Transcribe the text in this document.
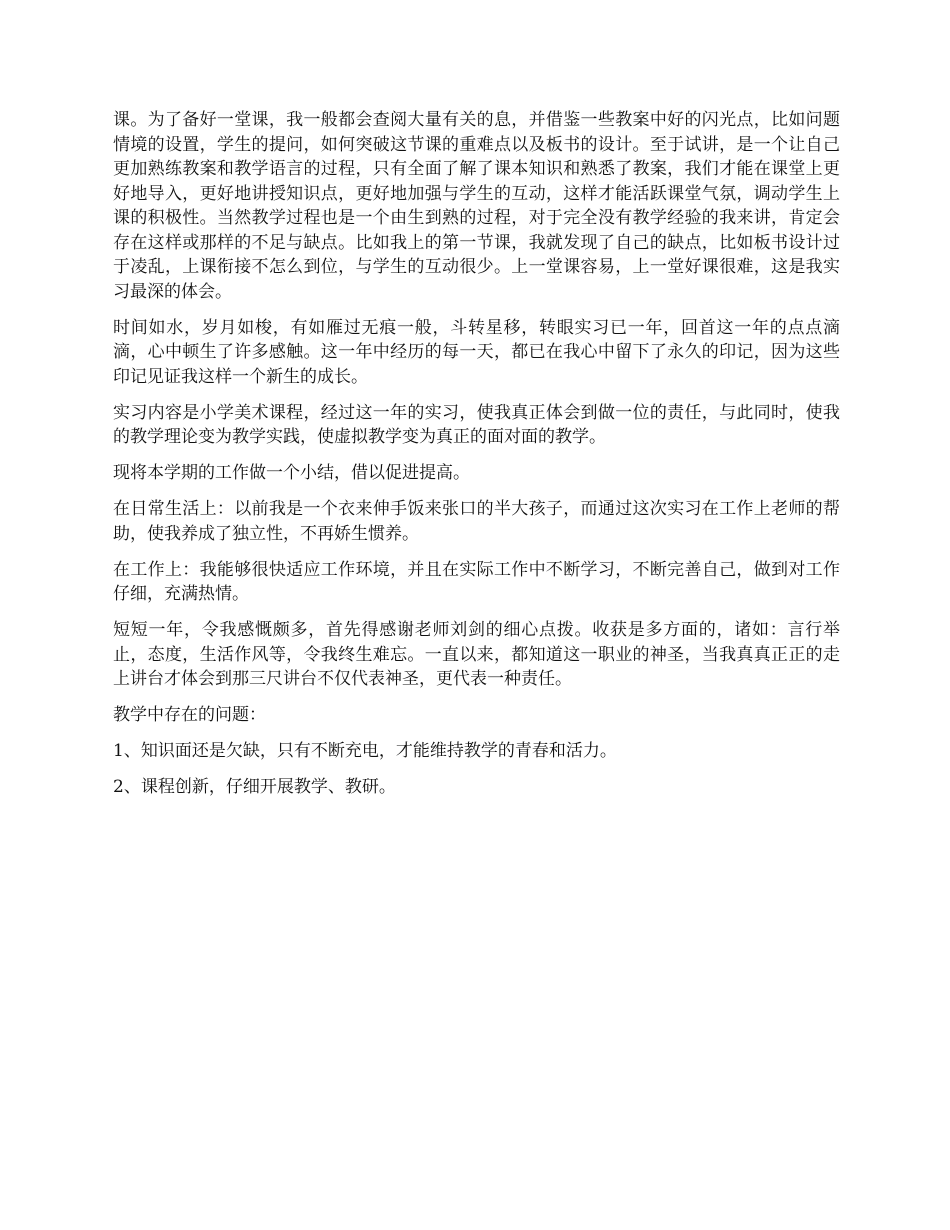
课。为了备好一堂课，我一般都会查阅大量有关的息，并借鉴一些教案中好的闪光点，比如问题情境的设置，学生的提问，如何突破这节课的重难点以及板书的设计。至于试讲，是一个让自己更加熟练教案和教学语言的过程，只有全面了解了课本知识和熟悉了教案，我们才能在课堂上更好地导入，更好地讲授知识点，更好地加强与学生的互动，这样才能活跃课堂气氛，调动学生上课的积极性。当然教学过程也是一个由生到熟的过程，对于完全没有教学经验的我来讲，肯定会存在这样或那样的不足与缺点。比如我上的第一节课，我就发现了自己的缺点，比如板书设计过于凌乱，上课衔接不怎么到位，与学生的互动很少。上一堂课容易，上一堂好课很难，这是我实习最深的体会。

时间如水，岁月如梭，有如雁过无痕一般，斗转星移，转眼实习已一年，回首这一年的点点滴滴，心中顿生了许多感触。这一年中经历的每一天，都已在我心中留下了永久的印记，因为这些印记见证我这样一个新生的成长。

实习内容是小学美术课程，经过这一年的实习，使我真正体会到做一位的责任，与此同时，使我的教学理论变为教学实践，使虚拟教学变为真正的面对面的教学。

现将本学期的工作做一个小结，借以促进提高。

在日常生活上：以前我是一个衣来伸手饭来张口的半大孩子，而通过这次实习在工作上老师的帮助，使我养成了独立性，不再娇生惯养。

在工作上：我能够很快适应工作环境，并且在实际工作中不断学习，不断完善自己，做到对工作仔细，充满热情。

短短一年，令我感慨颇多，首先得感谢老师刘剑的细心点拨。收获是多方面的，诸如：言行举止，态度，生活作风等，令我终生难忘。一直以来，都知道这一职业的神圣，当我真真正正的走上讲台才体会到那三尺讲台不仅代表神圣，更代表一种责任。

教学中存在的问题：

1、知识面还是欠缺，只有不断充电，才能维持教学的青春和活力。

2、课程创新，仔细开展教学、教研。
